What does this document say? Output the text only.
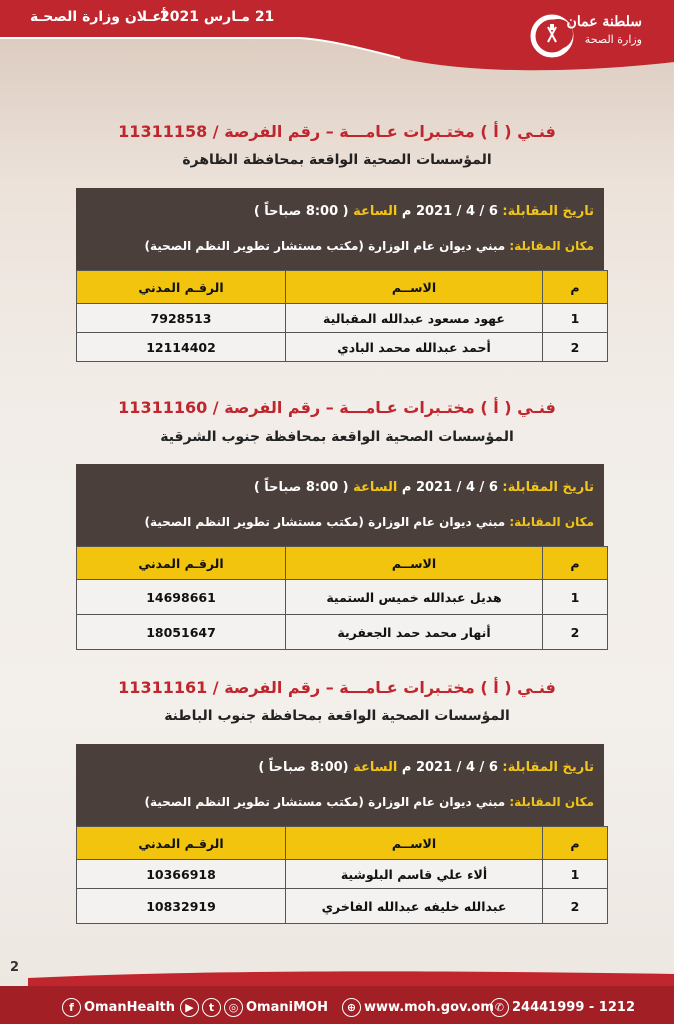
أعـلان وزارة الصحـة
21 مـارس 2021	سلطنة عمان
وزارة الصحة
فنـي ( أ ) مختـبرات عـامـــة – رقم الفرصة / 11311158
المؤسسات الصحية الواقعة بمحافظة الظاهرة
تاريخ المقابلة: 6 / 4 / 2021 م الساعة ( 8:00 صباحاً )
مكان المقابلة: مبني ديوان عام الوزارة (مكتب مستشار تطوير النظم الصحية)
م	الاســم	الرقـم المدني
1	عهود مسعود عبدالله المقبالية	7928513
2	أحمد عبدالله محمد البادي	12114402
فنـي ( أ ) مختـبرات عـامـــة – رقم الفرصة / 11311160
المؤسسات الصحية الواقعة بمحافظة جنوب الشرقية
تاريخ المقابلة: 6 / 4 / 2021 م الساعة ( 8:00 صباحاً )
مكان المقابلة: مبني ديوان عام الوزارة (مكتب مستشار تطوير النظم الصحية)
م	الاســم	الرقـم المدني
1	هديل عبدالله خميس الستمية	14698661
2	أنهار محمد حمد الجعفرية	18051647
فنـي ( أ ) مختـبرات عـامـــة – رقم الفرصة / 11311161
المؤسسات الصحية الواقعة بمحافظة جنوب الباطنة
تاريخ المقابلة: 6 / 4 / 2021 م الساعة (8:00 صباحاً )
مكان المقابلة: مبني ديوان عام الوزارة (مكتب مستشار تطوير النظم الصحية)
م	الاســم	الرقـم المدني
1	ألاء علي قاسم البلوشية	10366918
2	عبدالله خليفه عبدالله الفاخري	10832919
2
f OmanHealth ▶	t	◎ OmaniMOH	⊕ www.moh.gov.om ✆ 24441999 - 1212
